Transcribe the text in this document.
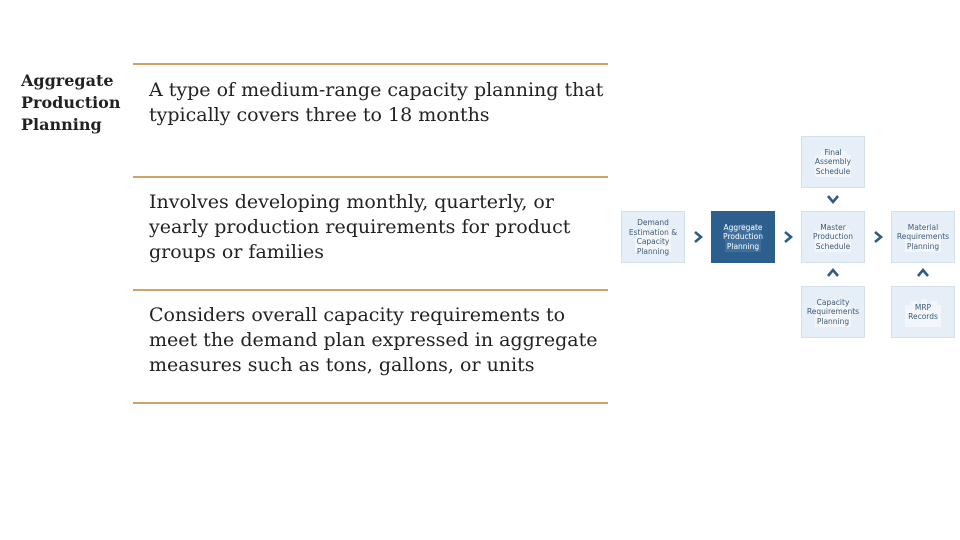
Aggregate Production Planning
A type of medium-range capacity planning that typically covers three to 18 months
Involves developing monthly, quarterly, or yearly production requirements for product groups or families
Considers overall capacity requirements to meet the demand plan expressed in aggregate measures such as tons, gallons, or units
Demand
Estimation &
Capacity
Planning
Aggregate
Production
Planning
Master
Production
Schedule
Material
Requirements
Planning
Final
Assembly
Schedule
Capacity
Requirements
Planning
MRP
Records
